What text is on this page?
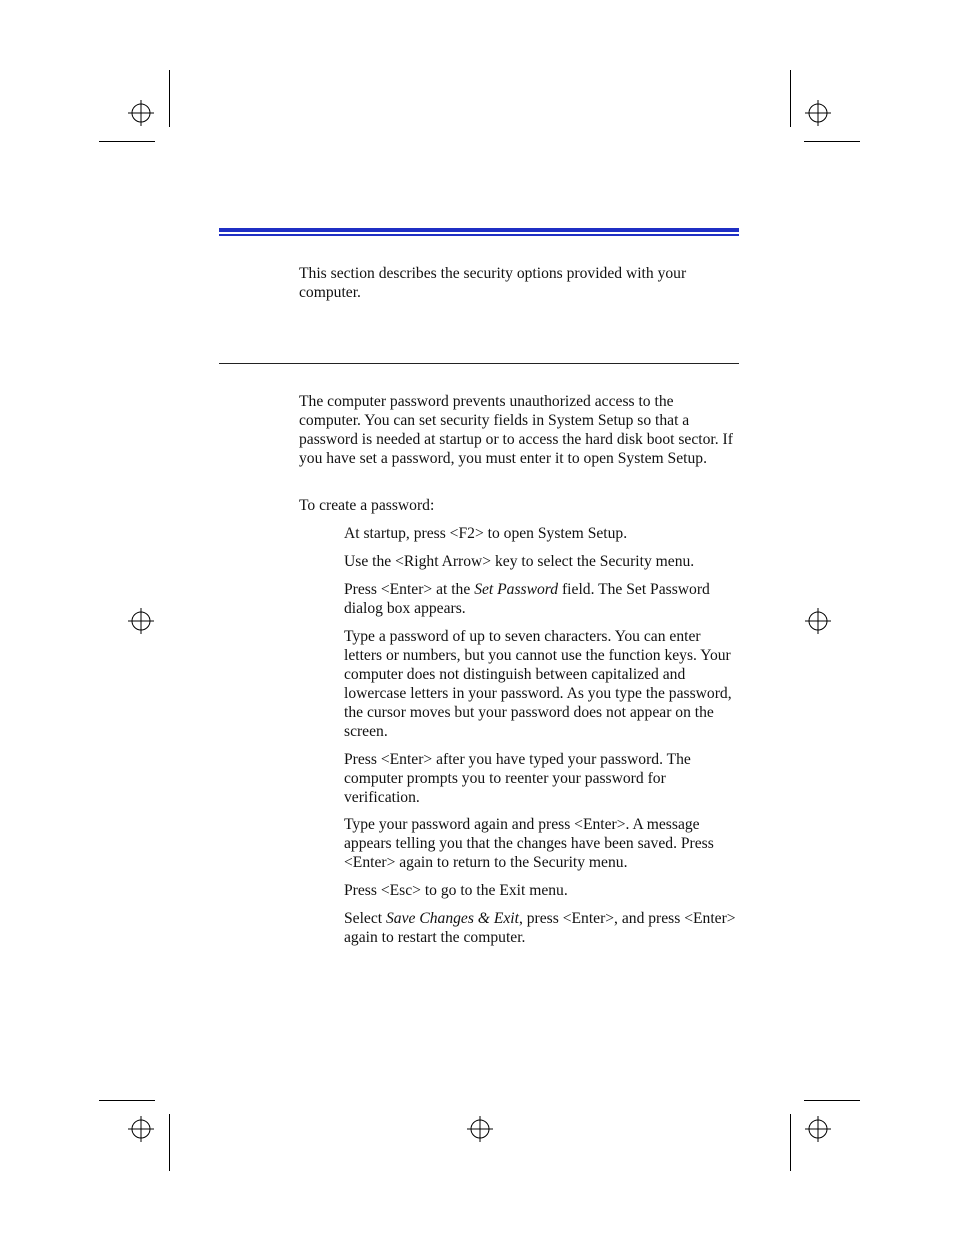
This section describes the security options provided with your computer.

The computer password prevents unauthorized access to the computer. You can set security fields in System Setup so that a password is needed at startup or to access the hard disk boot sector. If you have set a password, you must enter it to open System Setup.

To create a password:

At startup, press <F2> to open System Setup.

Use the <Right Arrow> key to select the Security menu.

Press <Enter> at the Set Password field. The Set Password dialog box appears.

Type a password of up to seven characters. You can enter letters or numbers, but you cannot use the function keys. Your computer does not distinguish between capitalized and lowercase letters in your password. As you type the password, the cursor moves but your password does not appear on the screen.

Press <Enter> after you have typed your password. The computer prompts you to reenter your password for verification.

Type your password again and press <Enter>. A message appears telling you that the changes have been saved. Press <Enter> again to return to the Security menu.

Press <Esc> to go to the Exit menu.

Select Save Changes & Exit, press <Enter>, and press <Enter> again to restart the computer.
